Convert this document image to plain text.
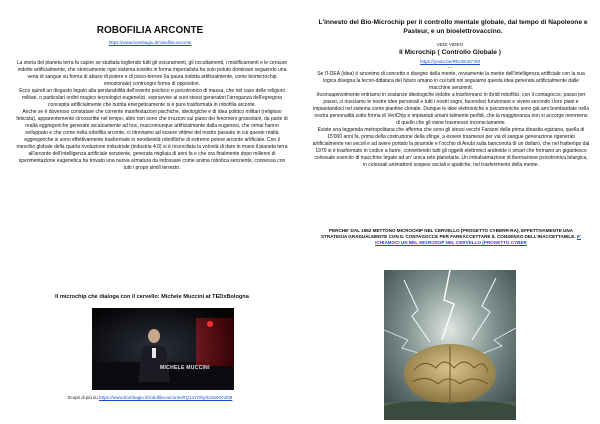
ROBOFILIA ARCONTE
https://www.bombagiu.it/robofilia-arconte

La storia del pianeta terra fa capire se studiata togliendo tutti gli oscuramenti, gli occultamenti, i mistificamenti e le censure indotte artificialmente, che storicamente ogni sistema esistito in forma imperialista ha solo potuto dominare seguendo una vena di sangue su forma di abuso di potere e di psico-terrore (la paura indotta artificialmente, come biomicrochip emozionale) controogni forma di oppositori.

Ecco quindi un disgusto legato alla perdurabilità dell'evento psichico e psicotronico di massa, che nel caso delle religioni militari, o particolari ordini magico tecnologici eugenetici, sopravvive ai suoi stessi generatori l'arroganza dell'egregora concepita artificialmente che nutrita energeticamente si è pure trasformata in robofilia arconte.

Anche se è doveroso constatare che corrente manifestazioni psichiche, ideologiche e di idea politico militari (religioso feticista), apparentemente circoscritte nel tempo, altro non sono che irruzioni sul piano dei fenomeni grossolani, da parte di realtà eggregoriche generate arcaicamente ad hoc, maccomunque artificialmente dalla eugenesi, che ormai hanno sviluppato e che come nella robofilia arconte, ci ritroviamo ad essere vittime del nostro passato in cui queste realtà eggregoriche si sono effettivamente trasformate in neodivinità robofiliche di estremo potere arconte artificiale. Con il meschio globale della quarta rivoluzione industriale (industria 4.0) si è riconciliata la volontà di dare in mano il pianeta terra all'arconte dell'intelligenza artificiale senziente, generata migliaia di anni fa e che ora finalmente dopo millenni di sperimentazione eugenetica ha trovato una nuova armatura da indossare come anima robotica senziente, connessa con tutti i propri simili terrestri.

Il microchip che dialoga con il cervello: Michele Muccini at TEDxBologna
MICHELE MUCCINI
Scopri di più su https://www.bombagiu.it/robofilia-arconte/#Q1xYOhyXoGeKKVi09
L'innesto del Bio-Microchip per il controllo mentale globale, dal tempo di Napoleone e Pasteur, e un bioelettrovaccino.
VEDI VIDEO
Il Microchip ( Controllo Globale )
https://youtu.be/RhcWc5YVM
...

Se l'I-DEA (idea) è sinonimo di concetto o disegno della mente, ovviamente la mente dell'intelligenza artificiale con la sua logica disegna la tecno-dittatura del futuro umano in cui tutti noi seguiamo questa idea generata artificialmente dalle macchine senzienti.

Inconsapevolmente entriamo in sostanze ideologiche indotte a trasformarci in ibridi robofilici, con il contagocce, passo per passo, ci riusciamo le nostre idee personali e tutti i nostri sogni, facendoci funzionare e vivere secondo i loro piani e impiantandoci nel sistema come piantine clonate. Dunque le idee elettroniche e psicotroniche sono già ami bombardate nella nostra personalità sotto forma di VeriChip e impiantati umani talmente perfidi, che la maggioranza non si accorge nemmeno di quello che gli viene trasmesso inconsciamente.

Esiste una leggenda metropolitana che afferma che sono gli stessi vecchi Faraoni della prima dinastia egiziana, quella di 15'000 anni fa, prima della costruzione della sfinge, a essere trasmessi per via di sangue generazione rigenerati artificialmente nei secoli e ad avere portato la piramide e l'occhio di Anubi sulla banconota di un dollaro, che nel frattempo dal 1970 si è trasformato in codice a barre, connettendo tutti gli oggetti elettronici androide o smart che formano un gigantesco colossale esercito di macchine legate ad un' unica rete planetaria. Un imbalsamazione di ibernazione psicotronica letargica, in colossali animatroni sospesi sociali e apatiche, nel trasferimento della mente.

PERCHE' DAL 1962 METTONO MICROCHIP NEL CERVELLO (PROGETTO CYBERR-RA), EFFETTIVAMENTE UNA STRATEGIA GRADUALMENTE CON IL CONTAGOCCE PER FAREACCETTARE IL CONSENSO DELL'INACCETTABILE. E' ICHIAMOCI UN BEL MIGROSOP NEL CERVELLO (PROGETTO CYBER
